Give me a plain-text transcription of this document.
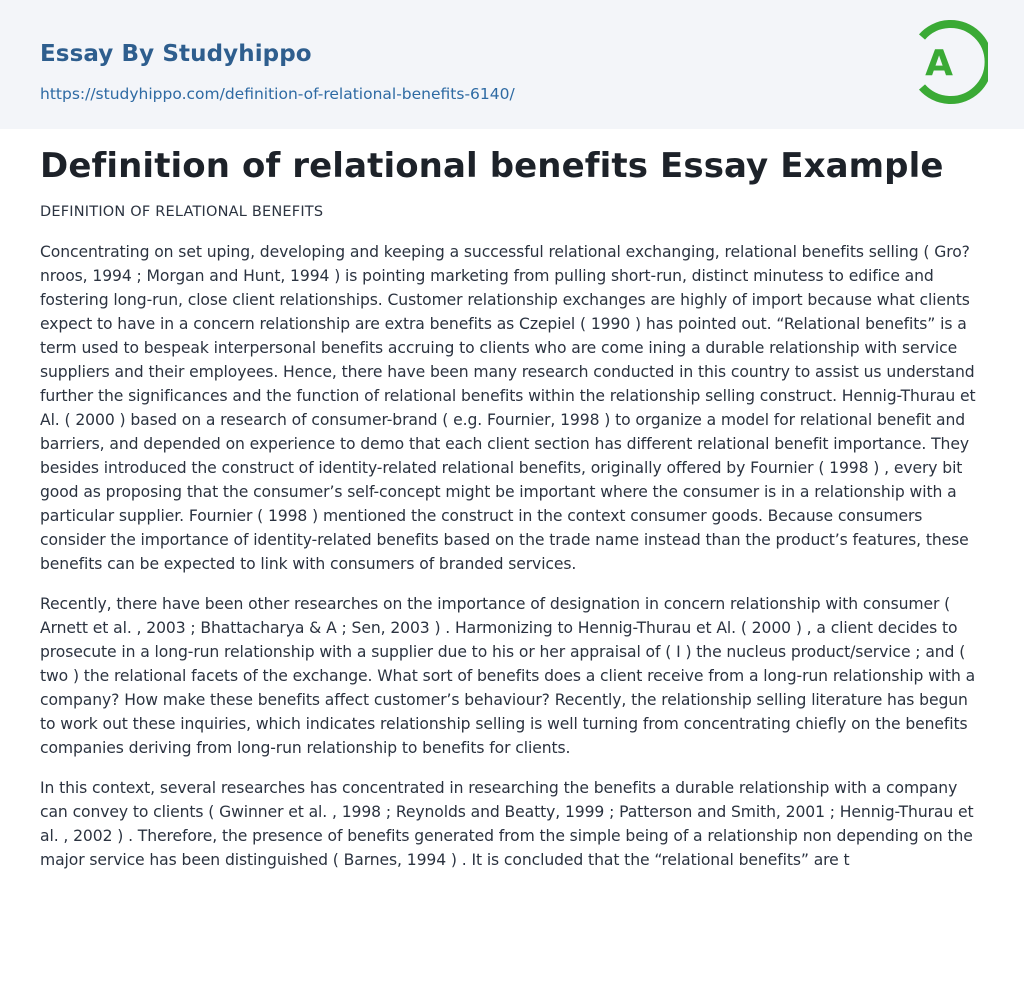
Essay By Studyhippo
https://studyhippo.com/definition-of-relational-benefits-6140/
A
Definition of relational benefits Essay Example
DEFINITION OF RELATIONAL BENEFITS

Concentrating on set uping, developing and keeping a successful relational exchanging, relational benefits selling ( Gro? nroos, 1994 ; Morgan and Hunt, 1994 ) is pointing marketing from pulling short-run, distinct minutess to edifice and fostering long-run, close client relationships. Customer relationship exchanges are highly of import because what clients expect to have in a concern relationship are extra benefits as Czepiel ( 1990 ) has pointed out. “Relational benefits” is a term used to bespeak interpersonal benefits accruing to clients who are come ining a durable relationship with service suppliers and their employees. Hence, there have been many research conducted in this country to assist us understand further the significances and the function of relational benefits within the relationship selling construct. Hennig-Thurau et Al. ( 2000 ) based on a research of consumer-brand ( e.g. Fournier, 1998 ) to organize a model for relational benefit and barriers, and depended on experience to demo that each client section has different relational benefit importance. They besides introduced the construct of identity-related relational benefits, originally offered by Fournier ( 1998 ) , every bit good as proposing that the consumer’s self-concept might be important where the consumer is in a relationship with a particular supplier. Fournier ( 1998 ) mentioned the construct in the context consumer goods. Because consumers consider the importance of identity-related benefits based on the trade name instead than the product’s features, these benefits can be expected to link with consumers of branded services.

Recently, there have been other researches on the importance of designation in concern relationship with consumer ( Arnett et al. , 2003 ; Bhattacharya & A ; Sen, 2003 ) . Harmonizing to Hennig-Thurau et Al. ( 2000 ) , a client decides to prosecute in a long-run relationship with a supplier due to his or her appraisal of ( I ) the nucleus product/service ; and ( two ) the relational facets of the exchange. What sort of benefits does a client receive from a long-run relationship with a company? How make these benefits affect customer’s behaviour? Recently, the relationship selling literature has begun to work out these inquiries, which indicates relationship selling is well turning from concentrating chiefly on the benefits companies deriving from long-run relationship to benefits for clients.

In this context, several researches has concentrated in researching the benefits a durable relationship with a company can convey to clients ( Gwinner et al. , 1998 ; Reynolds and Beatty, 1999 ; Patterson and Smith, 2001 ; Hennig-Thurau et al. , 2002 ) . Therefore, the presence of benefits generated from the simple being of a relationship non depending on the major service has been distinguished ( Barnes, 1994 ) . It is concluded that the “relational benefits” are t
